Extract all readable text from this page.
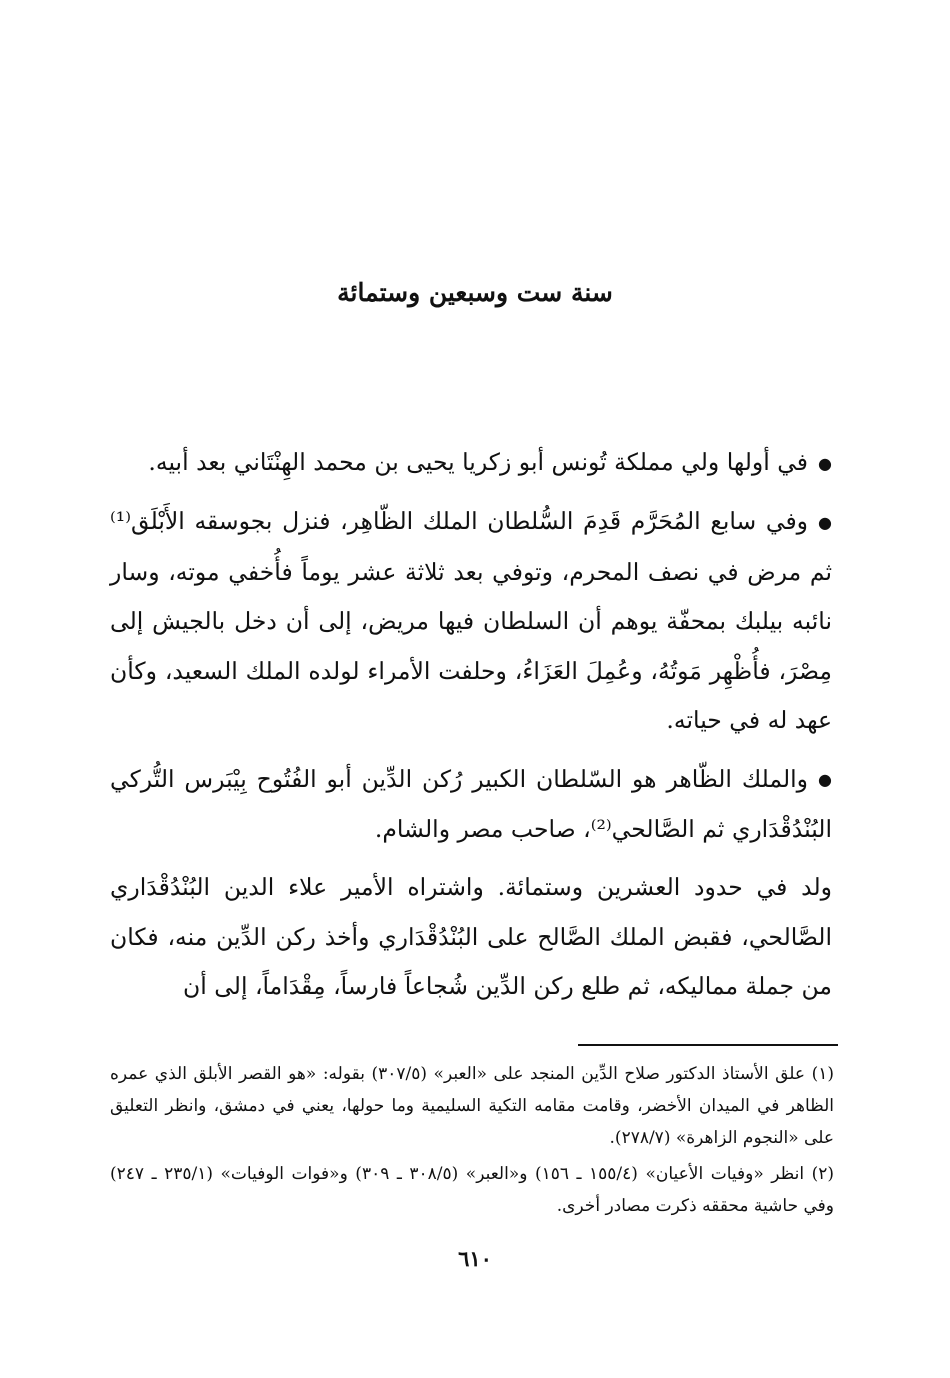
سنة ست وسبعين وستمائة

●في أولها ولي مملكة تُونس أبو زكريا يحيى بن محمد الهِنْتَاني بعد أبيه.

●وفي سابع المُحَرَّم قَدِمَ السُّلطان الملك الظّاهِر، فنزل بجوسقه الأَبْلَق⁽¹⁾ ثم مرض في نصف المحرم، وتوفي بعد ثلاثة عشر يوماً فأُخفي موته، وسار نائبه بيلبك بمحفّة يوهم أن السلطان فيها مريض، إلى أن دخل بالجيش إلى مِصْرَ، فأُظْهِر مَوتُهُ، وعُمِلَ العَزَاءُ، وحلفت الأمراء لولده الملك السعيد، وكأن عهد له في حياته.

●والملك الظّاهر هو السّلطان الكبير رُكن الدِّين أبو الفُتُوح بِيْبَرس التُّركي البُنْدُقْدَاري ثم الصَّالحي⁽²⁾، صاحب مصر والشام.

ولد في حدود العشرين وستمائة. واشتراه الأمير علاء الدين البُنْدُقْدَاري الصَّالحي، فقبض الملك الصَّالح على البُنْدُقْدَاري وأخذ ركن الدِّين منه، فكان من جملة مماليكه، ثم طلع ركن الدِّين شُجاعاً فارساً، مِقْدَاماً، إلى أن

(١) علق الأستاذ الدكتور صلاح الدِّين المنجد على «العبر» (٣٠٧/٥) بقوله: «هو القصر الأبلق الذي عمره الظاهر في الميدان الأخضر، وقامت مقامه التكية السليمية وما حولها، يعني في دمشق، وانظر التعليق على «النجوم الزاهرة» (٢٧٨/٧).

(٢) انظر «وفيات الأعيان» (١٥٥/٤ ـ ١٥٦) و«العبر» (٣٠٨/٥ ـ ٣٠٩) و«فوات الوفيات» (٢٣٥/١ ـ ٢٤٧) وفي حاشية محققه ذكرت مصادر أخرى.

٦١٠
